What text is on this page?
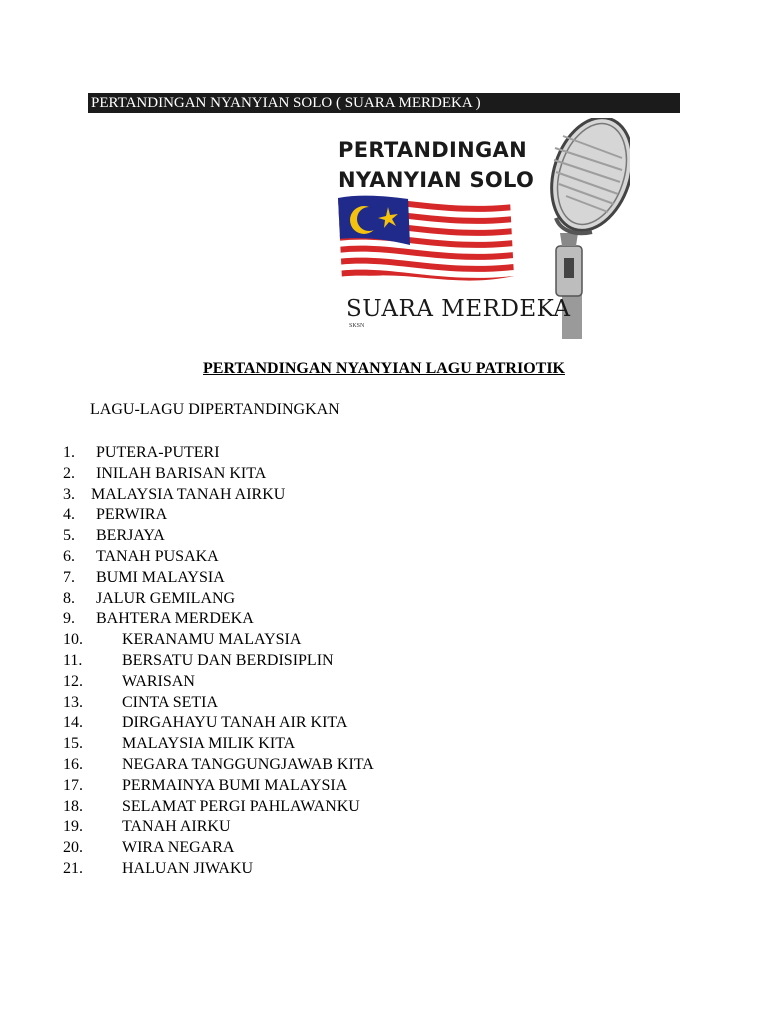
PERTANDINGAN NYANYIAN SOLO ( SUARA MERDEKA )
PERTANDINGAN
NYANYIAN SOLO
SUARA MERDEKA
SKSN
PERTANDINGAN NYANYIAN LAGU PATRIOTIK
LAGU-LAGU DIPERTANDINGKAN
1. PUTERA-PUTERI
2. INILAH BARISAN KITA
3. MALAYSIA TANAH AIRKU
4. PERWIRA
5. BERJAYA
6. TANAH PUSAKA
7. BUMI MALAYSIA
8. JALUR GEMILANG
9. BAHTERA MERDEKA
10. KERANAMU MALAYSIA
11. BERSATU DAN BERDISIPLIN
12. WARISAN
13. CINTA SETIA
14. DIRGAHAYU TANAH AIR KITA
15. MALAYSIA MILIK KITA
16. NEGARA TANGGUNGJAWAB KITA
17. PERMAINYA BUMI MALAYSIA
18. SELAMAT PERGI PAHLAWANKU
19. TANAH AIRKU
20. WIRA NEGARA
21. HALUAN JIWAKU
